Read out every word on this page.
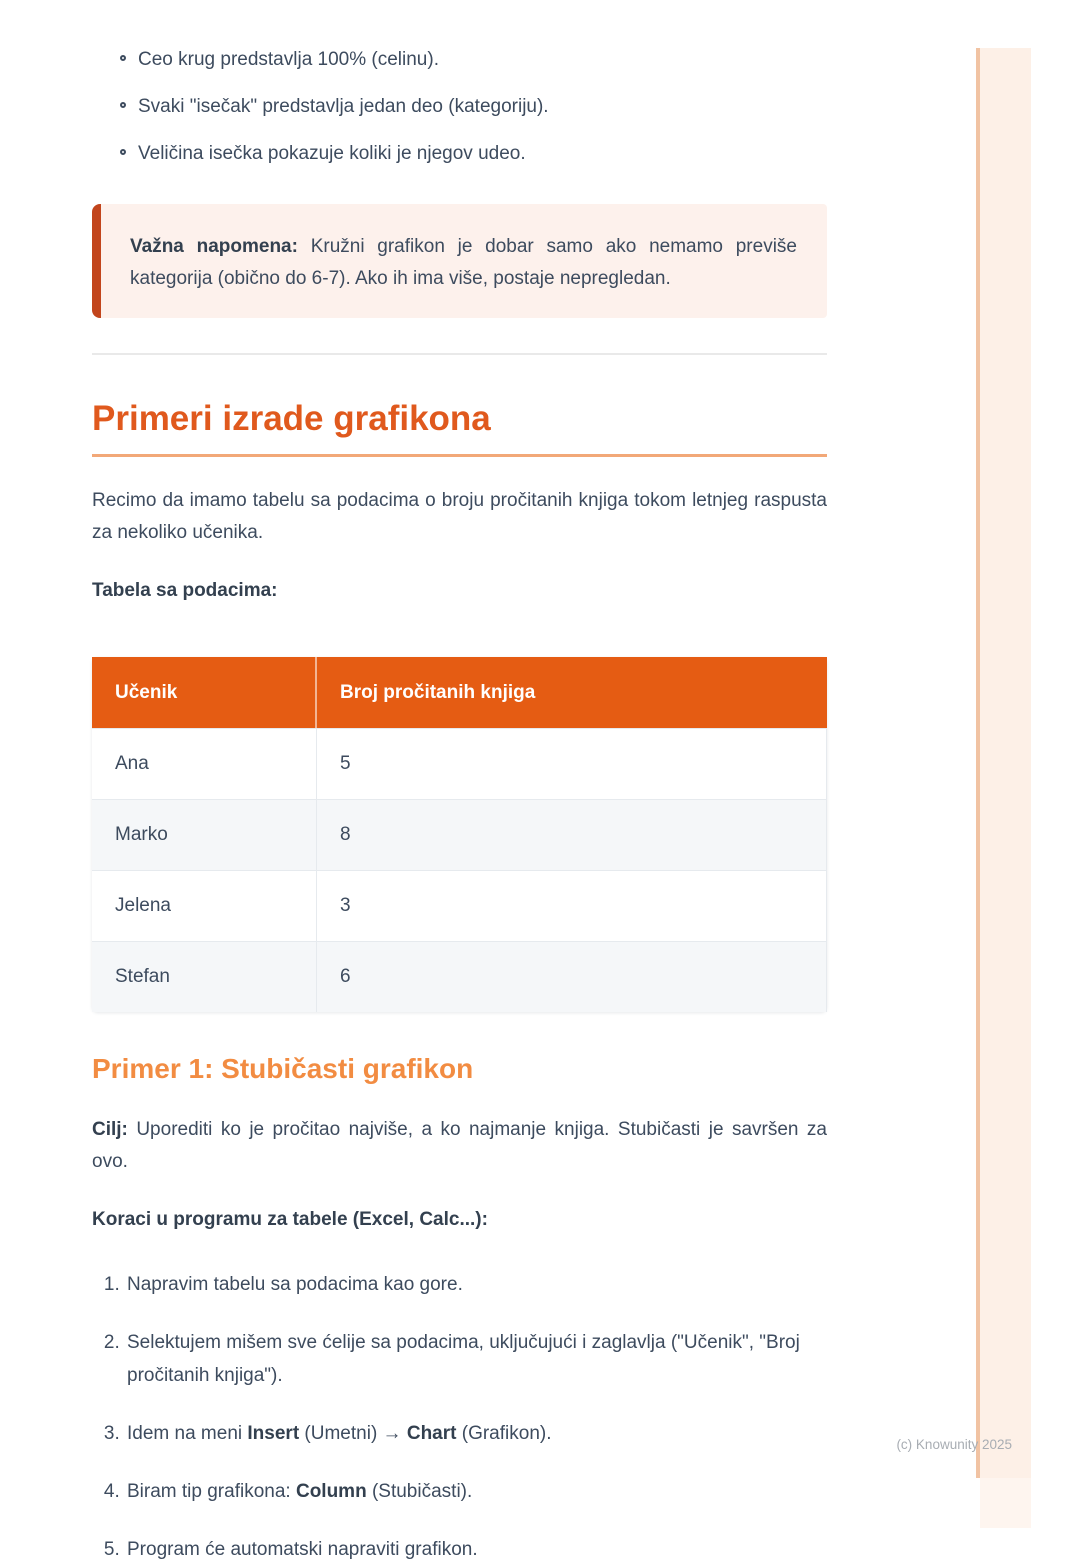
Ceo krug predstavlja 100% (celinu).
Svaki "isečak" predstavlja jedan deo (kategoriju).
Veličina isečka pokazuje koliki je njegov udeo.
Važna napomena: Kružni grafikon je dobar samo ako nemamo previše kategorija (obično do 6-7). Ako ih ima više, postaje nepregledan.
Primeri izrade grafikona

Recimo da imamo tabelu sa podacima o broju pročitanih knjiga tokom letnjeg raspusta za nekoliko učenika.

Tabela sa podacima:

Učenik	Broj pročitanih knjiga
Ana	5
Marko	8
Jelena	3
Stefan	6
Primer 1: Stubičasti grafikon

Cilj: Uporediti ko je pročitao najviše, a ko najmanje knjiga. Stubičasti je savršen za ovo.

Koraci u programu za tabele (Excel, Calc...):

1. Napravim tabelu sa podacima kao gore.
2. Selektujem mišem sve ćelije sa podacima, uključujući i zaglavlja ("Učenik", "Broj pročitanih knjiga").
3. Idem na meni Insert (Umetni) → Chart (Grafikon).
4. Biram tip grafikona: Column (Stubičasti).
5. Program će automatski napraviti grafikon.
(c) Knowunity 2025
